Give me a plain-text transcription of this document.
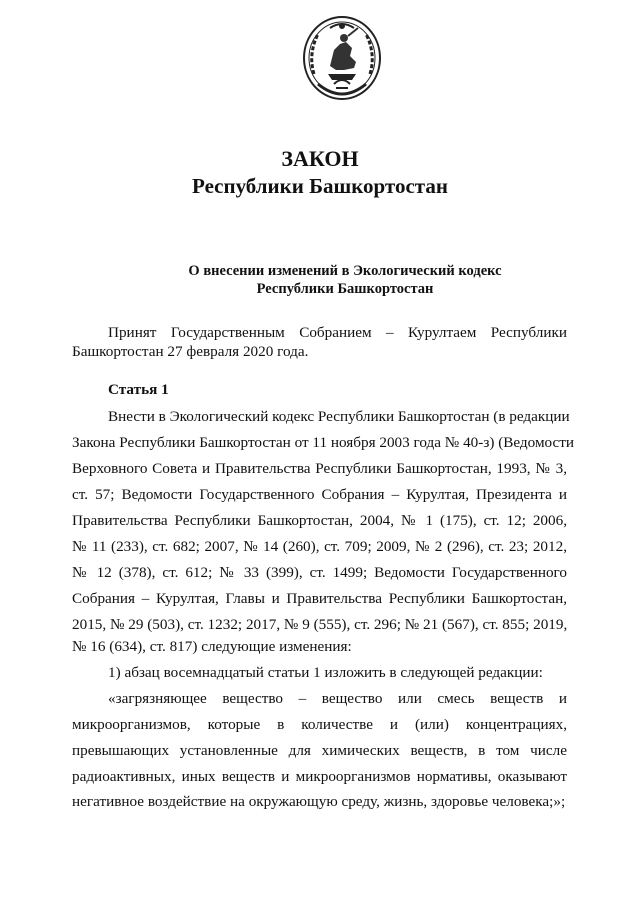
ЗАКОН
Республики Башкортостан
О внесении изменений в Экологический кодекс
Республики Башкортостан
Принят Государственным Собранием – Курултаем Республики
Башкортостан 27 февраля 2020 года.
Статья 1
Внести в Экологический кодекс Республики Башкортостан (в редакции
Закона Республики Башкортостан от 11 ноября 2003 года № 40-з) (Ведомости
Верховного Совета и Правительства Республики Башкортостан, 1993, № 3,
ст. 57; Ведомости Государственного Собрания – Курултая, Президента и
Правительства Республики Башкортостан, 2004, № 1 (175), ст. 12; 2006,
№ 11 (233), ст. 682; 2007, № 14 (260), ст. 709; 2009, № 2 (296), ст. 23; 2012,
№ 12 (378), ст. 612; № 33 (399), ст. 1499; Ведомости Государственного
Собрания – Курултая, Главы и Правительства Республики Башкортостан,
2015, № 29 (503), ст. 1232; 2017, № 9 (555), ст. 296; № 21 (567), ст. 855; 2019,
№ 16 (634), ст. 817) следующие изменения:
1) абзац восемнадцатый статьи 1 изложить в следующей редакции:
«загрязняющее вещество – вещество или смесь веществ и
микроорганизмов, которые в количестве и (или) концентрациях,
превышающих установленные для химических веществ, в том числе
радиоактивных, иных веществ и микроорганизмов нормативы, оказывают
негативное воздействие на окружающую среду, жизнь, здоровье человека;»;
